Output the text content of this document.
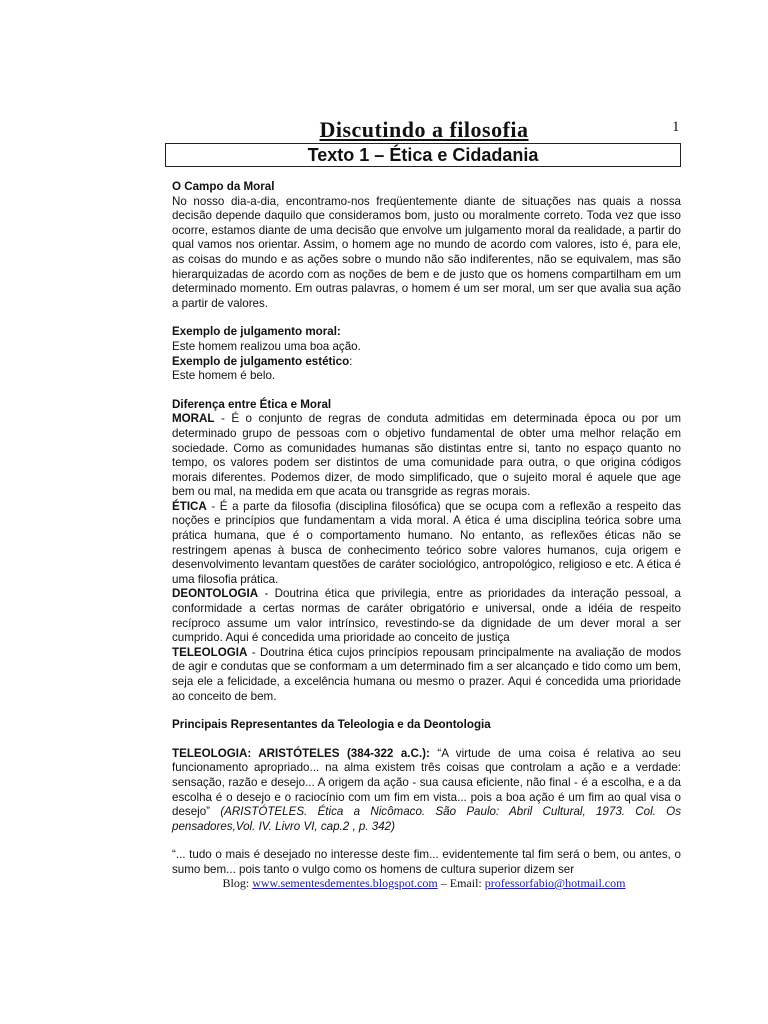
1
Discutindo a filosofia
Texto 1 – Ética e Cidadania

O Campo da Moral

No nosso dia-a-dia, encontramo-nos freqüentemente diante de situações nas quais a nossa decisão depende daquilo que consideramos bom, justo ou moralmente correto. Toda vez que isso ocorre, estamos diante de uma decisão que envolve um julgamento moral da realidade, a partir do qual vamos nos orientar. Assim, o homem age no mundo de acordo com valores, isto é, para ele, as coisas do mundo e as ações sobre o mundo não são indiferentes, não se equivalem, mas são hierarquizadas de acordo com as noções de bem e de justo que os homens compartilham em um determinado momento. Em outras palavras, o homem é um ser moral, um ser que avalia sua ação a partir de valores.

Exemplo de julgamento moral:

Este homem realizou uma boa ação.

Exemplo de julgamento estético:

Este homem é belo.

Diferença entre Ética e Moral

MORAL - É o conjunto de regras de conduta admitidas em determinada época ou por um determinado grupo de pessoas com o objetivo fundamental de obter uma melhor relação em sociedade. Como as comunidades humanas são distintas entre si, tanto no espaço quanto no tempo, os valores podem ser distintos de uma comunidade para outra, o que origina códigos morais diferentes. Podemos dizer, de modo simplificado, que o sujeito moral é aquele que age bem ou mal, na medida em que acata ou transgride as regras morais.

ÉTICA - É a parte da filosofia (disciplina filosófica) que se ocupa com a reflexão a respeito das noções e princípios que fundamentam a vida moral. A ética é uma disciplina teórica sobre uma prática humana, que é o comportamento humano. No entanto, as reflexões éticas não se restringem apenas à busca de conhecimento teórico sobre valores humanos, cuja origem e desenvolvimento levantam questões de caráter sociológico, antropológico, religioso e etc. A ética é uma filosofia prática.

DEONTOLOGIA - Doutrina ética que privilegia, entre as prioridades da interação pessoal, a conformidade a certas normas de caráter obrigatório e universal, onde a idéia de respeito recíproco assume um valor intrínsico, revestindo-se da dignidade de um dever moral a ser cumprido. Aqui é concedida uma prioridade ao conceito de justiça

TELEOLOGIA - Doutrina ética cujos princípios repousam principalmente na avaliação de modos de agir e condutas que se conformam a um determinado fim a ser alcançado e tido como um bem, seja ele a felicidade, a excelência humana ou mesmo o prazer. Aqui é concedida uma prioridade ao conceito de bem.

Principais Representantes da Teleologia e da Deontologia

TELEOLOGIA: ARISTÓTELES (384-322 a.C.): “A virtude de uma coisa é relativa ao seu funcionamento apropriado... na alma existem três coisas que controlam a ação e a verdade: sensação, razão e desejo... A origem da ação - sua causa eficiente, não final - é a escolha, e a da escolha é o desejo e o raciocínio com um fim em vista... pois a boa ação é um fim ao qual visa o desejo” (ARISTÓTELES. Ética a Nicômaco. São Paulo: Abril Cultural, 1973. Col. Os pensadores,Vol. IV. Livro VI, cap.2 , p. 342)

“... tudo o mais é desejado no interesse deste fim... evidentemente tal fim será o bem, ou antes, o sumo bem... pois tanto o vulgo como os homens de cultura superior dizem ser

Blog: www.sementesdementes.blogspot.com – Email: professorfabio@hotmail.com
